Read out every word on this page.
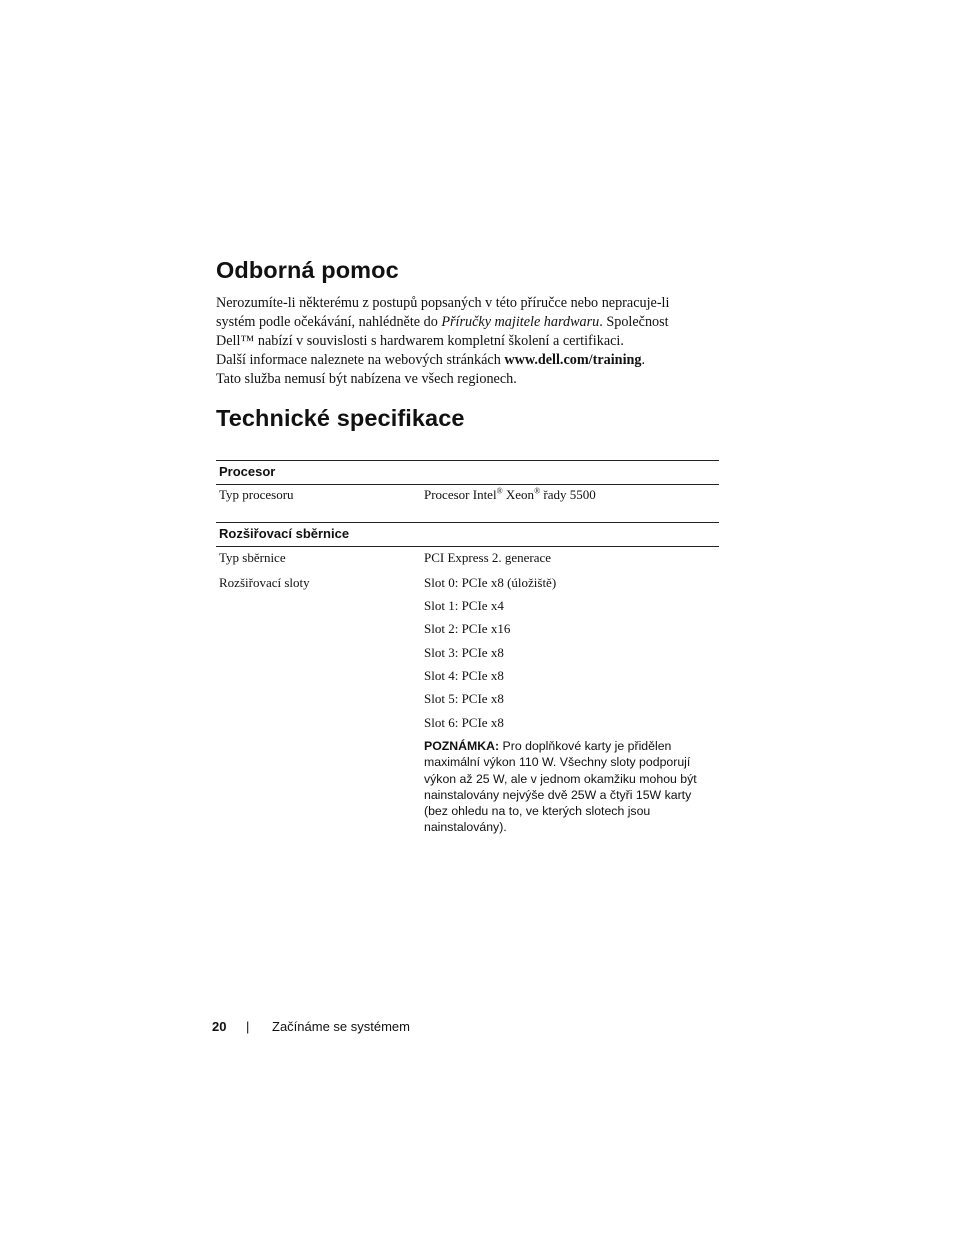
Odborná pomoc
Nerozumíte-li některému z postupů popsaných v této příručce nebo nepracuje-li
systém podle očekávání, nahlédněte do Příručky majitele hardwaru. Společnost
Dell™ nabízí v souvislosti s hardwarem kompletní školení a certifikaci.
Další informace naleznete na webových stránkách www.dell.com/training.
Tato služba nemusí být nabízena ve všech regionech.
Technické specifikace
Procesor
Typ procesoru	Procesor Intel® Xeon® řady 5500
Rozšiřovací sběrnice
Typ sběrnice	PCI Express 2. generace
Rozšiřovací sloty	Slot 0: PCIe x8 (úložiště)
Slot 1: PCIe x4
Slot 2: PCIe x16
Slot 3: PCIe x8
Slot 4: PCIe x8
Slot 5: PCIe x8
Slot 6: PCIe x8
POZNÁMKA: Pro doplňkové karty je přidělen
maximální výkon 110 W. Všechny sloty podporují
výkon až 25 W, ale v jednom okamžiku mohou být
nainstalovány nejvýše dvě 25W a čtyři 15W karty
(bez ohledu na to, ve kterých slotech jsou
nainstalovány).
20 | Začínáme se systémem
